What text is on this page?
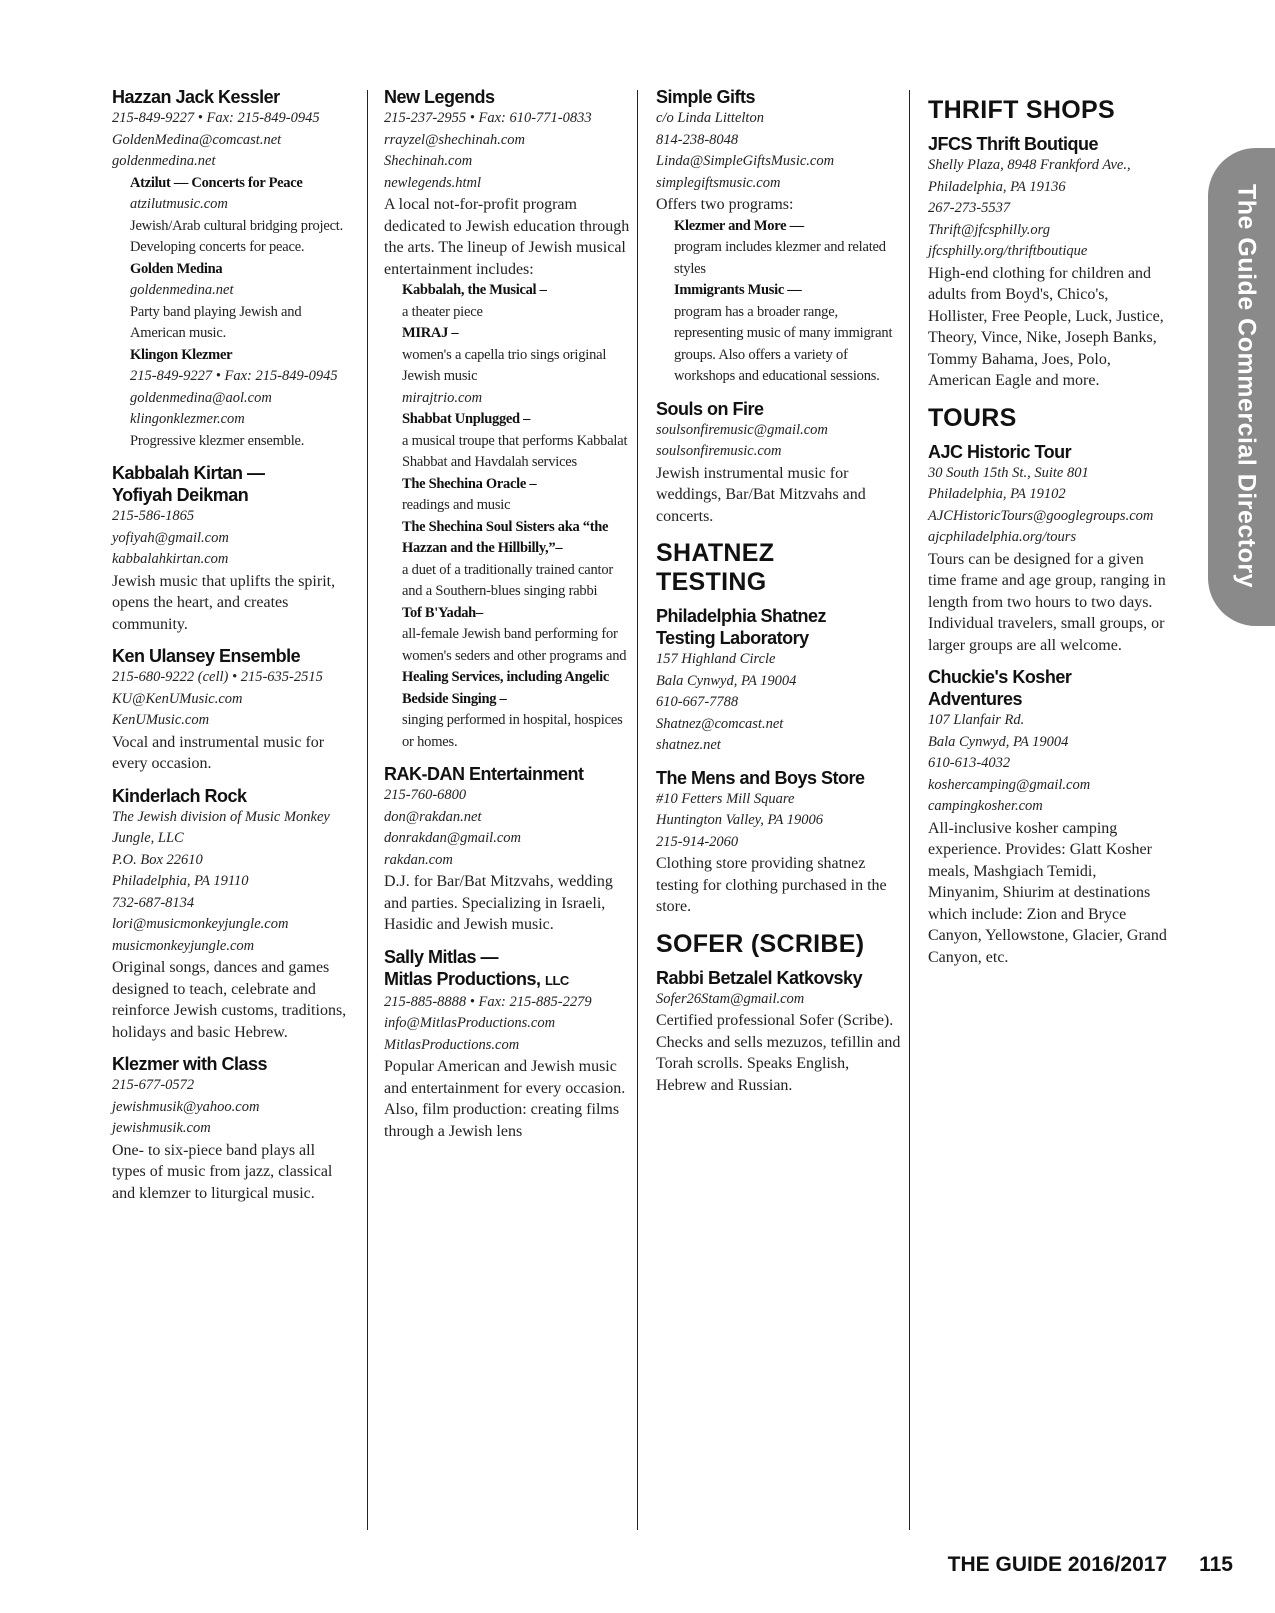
Hazzan Jack Kessler
215-849-9227 • Fax: 215-849-0945
GoldenMedina@comcast.net
goldenmedina.net
Atzilut — Concerts for Peace
atzilutmusic.com
Jewish/Arab cultural bridging project. Developing concerts for peace.
Golden Medina
goldenmedina.net
Party band playing Jewish and American music.
Klingon Klezmer
215-849-9227 • Fax: 215-849-0945
goldenmedina@aol.com
klingonklezmer.com
Progressive klezmer ensemble.
Kabbalah Kirtan —
Yofiyah Deikman
215-586-1865
yofiyah@gmail.com
kabbalahkirtan.com
Jewish music that uplifts the spirit, opens the heart, and creates community.
Ken Ulansey Ensemble
215-680-9222 (cell) • 215-635-2515
KU@KenUMusic.com
KenUMusic.com
Vocal and instrumental music for every occasion.
Kinderlach Rock
The Jewish division of Music Monkey
Jungle, LLC
P.O. Box 22610
Philadelphia, PA 19110
732-687-8134
lori@musicmonkeyjungle.com
musicmonkeyjungle.com
Original songs, dances and games designed to teach, celebrate and reinforce Jewish customs, traditions, holidays and basic Hebrew.
Klezmer with Class
215-677-0572
jewishmusik@yahoo.com
jewishmusik.com
One- to six-piece band plays all types of music from jazz, classical and klemzer to liturgical music.
New Legends
215-237-2955 • Fax: 610-771-0833
rrayzel@shechinah.com
Shechinah.com
newlegends.html
A local not-for-profit program dedicated to Jewish education through the arts. The lineup of Jewish musical entertainment includes:
Kabbalah, the Musical –
a theater piece
MIRAJ –
women's a capella trio sings original Jewish music
mirajtrio.com
Shabbat Unplugged –
a musical troupe that performs Kabbalat Shabbat and Havdalah services
The Shechina Oracle –
readings and music
The Shechina Soul Sisters aka “the Hazzan and the Hillbilly,”–
a duet of a traditionally trained cantor and a Southern-blues singing rabbi
Tof B'Yadah–
all-female Jewish band performing for women's seders and other programs and
Healing Services, including Angelic Bedside Singing –
singing performed in hospital, hospices or homes.
RAK-DAN Entertainment
215-760-6800
don@rakdan.net
donrakdan@gmail.com
rakdan.com
D.J. for Bar/Bat Mitzvahs, wedding and parties. Specializing in Israeli, Hasidic and Jewish music.
Sally Mitlas —
Mitlas Productions, LLC
215-885-8888 • Fax: 215-885-2279
info@MitlasProductions.com
MitlasProductions.com
Popular American and Jewish music and entertainment for every occasion. Also, film production: creating films through a Jewish lens
Simple Gifts
c/o Linda Littelton
814-238-8048
Linda@SimpleGiftsMusic.com
simplegiftsmusic.com
Offers two programs:
Klezmer and More —
program includes klezmer and related styles
Immigrants Music —
program has a broader range, representing music of many immigrant groups. Also offers a variety of workshops and educational sessions.
Souls on Fire
soulsonfiremusic@gmail.com
soulsonfiremusic.com
Jewish instrumental music for weddings, Bar/Bat Mitzvahs and concerts.
SHATNEZ
TESTING
Philadelphia Shatnez
Testing Laboratory
157 Highland Circle
Bala Cynwyd, PA 19004
610-667-7788
Shatnez@comcast.net
shatnez.net
The Mens and Boys Store
#10 Fetters Mill Square
Huntington Valley, PA 19006
215-914-2060
Clothing store providing shatnez testing for clothing purchased in the store.
SOFER (SCRIBE)
Rabbi Betzalel Katkovsky
Sofer26Stam@gmail.com
Certified professional Sofer (Scribe). Checks and sells mezuzos, tefillin and Torah scrolls. Speaks English, Hebrew and Russian.
THRIFT SHOPS
JFCS Thrift Boutique
Shelly Plaza, 8948 Frankford Ave.,
Philadelphia, PA 19136
267-273-5537
Thrift@jfcsphilly.org
jfcsphilly.org/thriftboutique
High-end clothing for children and adults from Boyd's, Chico's, Hollister, Free People, Luck, Justice, Theory, Vince, Nike, Joseph Banks, Tommy Bahama, Joes, Polo, American Eagle and more.
TOURS
AJC Historic Tour
30 South 15th St., Suite 801
Philadelphia, PA 19102
AJCHistoricTours@googlegroups.com
ajcphiladelphia.org/tours
Tours can be designed for a given time frame and age group, ranging in length from two hours to two days. Individual travelers, small groups, or larger groups are all welcome.
Chuckie's Kosher
Adventures
107 Llanfair Rd.
Bala Cynwyd, PA 19004
610-613-4032
koshercamping@gmail.com
campingkosher.com
All-inclusive kosher camping experience. Provides: Glatt Kosher meals, Mashgiach Temidi, Minyanim, Shiurim at destinations which include: Zion and Bryce Canyon, Yellowstone, Glacier, Grand Canyon, etc.
The Guide Commercial Directory
THE GUIDE 2016/2017 115
